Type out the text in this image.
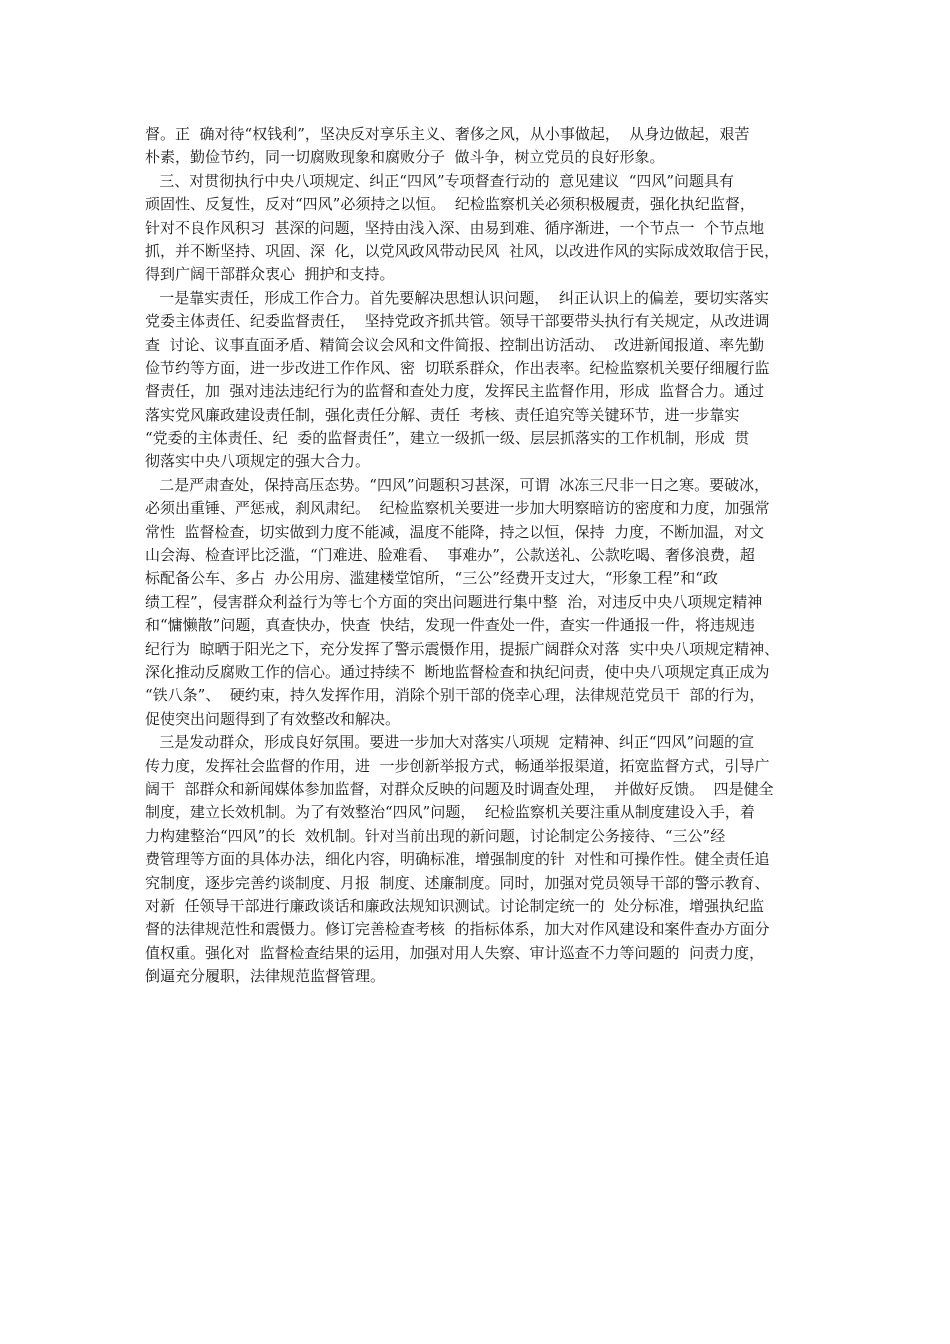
督。正  确对待“权钱利”，坚决反对享乐主义、奢侈之风，从小事做起，  从身边做起，艰苦
朴素，勤俭节约，同一切腐败现象和腐败分子  做斗争，树立党员的良好形象。
三、对贯彻执行中央八项规定、纠正“四风”专项督查行动的  意见建议  “四风”问题具有
顽固性、反复性，反对“四风”必须持之以恒。  纪检监察机关必须积极履责，强化执纪监督，
针对不良作风积习  甚深的问题，坚持由浅入深、由易到难、循序渐进，一个节点一  个节点地
抓，并不断坚持、巩固、深  化，以党风政风带动民风  社风，以改进作风的实际成效取信于民，
得到广阔干部群众衷心  拥护和支持。
一是靠实责任，形成工作合力。首先要解决思想认识问题，  纠正认识上的偏差，要切实落实
党委主体责任、纪委监督责任，  坚持党政齐抓共管。领导干部要带头执行有关规定，从改进调
查  讨论、议事直面矛盾、精简会议会风和文件简报、控制出访活动、  改进新闻报道、率先勤
俭节约等方面，进一步改进工作作风、密  切联系群众，作出表率。纪检监察机关要仔细履行监
督责任，加  强对违法违纪行为的监督和查处力度，发挥民主监督作用，形成  监督合力。通过
落实党风廉政建设责任制，强化责任分解、责任  考核、责任追究等关键环节，进一步靠实
“党委的主体责任、纪  委的监督责任”，建立一级抓一级、层层抓落实的工作机制，形成  贯
彻落实中央八项规定的强大合力。
二是严肃查处，保持高压态势。“四风”问题积习甚深，可谓  冰冻三尺非一日之寒。要破冰，
必须出重锤、严惩戒，刹风肃纪。  纪检监察机关要进一步加大明察暗访的密度和力度，加强常
常性  监督检查，切实做到力度不能减，温度不能降，持之以恒，保持  力度，不断加温，对文
山会海、检查评比泛滥，“门难进、脸难看、  事难办”，公款送礼、公款吃喝、奢侈浪费，超
标配备公车、多占  办公用房、滥建楼堂馆所，“三公”经费开支过大，“形象工程”和“政
绩工程”，侵害群众利益行为等七个方面的突出问题进行集中整  治，对违反中央八项规定精神
和“慵懒散”问题，真查快办，快查  快结，发现一件查处一件，查实一件通报一件，将违规违
纪行为  晾晒于阳光之下，充分发挥了警示震慑作用，提振广阔群众对落  实中央八项规定精神、
深化推动反腐败工作的信心。通过持续不  断地监督检查和执纪问责，使中央八项规定真正成为
“铁八条”、  硬约束，持久发挥作用，消除个别干部的侥幸心理，法律规范党员干  部的行为，
促使突出问题得到了有效整改和解决。
三是发动群众，形成良好氛围。要进一步加大对落实八项规  定精神、纠正“四风”问题的宣
传力度，发挥社会监督的作用，进  一步创新举报方式，畅通举报渠道，拓宽监督方式，引导广
阔干  部群众和新闻媒体参加监督，对群众反映的问题及时调查处理，  并做好反馈。  四是健全
制度，建立长效机制。为了有效整治“四风”问题，  纪检监察机关要注重从制度建设入手，着
力构建整治“四风”的长  效机制。针对当前出现的新问题，讨论制定公务接待、“三公”经
费管理等方面的具体办法，细化内容，明确标准，增强制度的针  对性和可操作性。健全责任追
究制度，逐步完善约谈制度、月报  制度、述廉制度。同时，加强对党员领导干部的警示教育、
对新  任领导干部进行廉政谈话和廉政法规知识测试。讨论制定统一的  处分标准，增强执纪监
督的法律规范性和震慑力。修订完善检查考核  的指标体系，加大对作风建设和案件查办方面分
值权重。强化对  监督检查结果的运用，加强对用人失察、审计巡查不力等问题的  问责力度，
倒逼充分履职，法律规范监督管理。
